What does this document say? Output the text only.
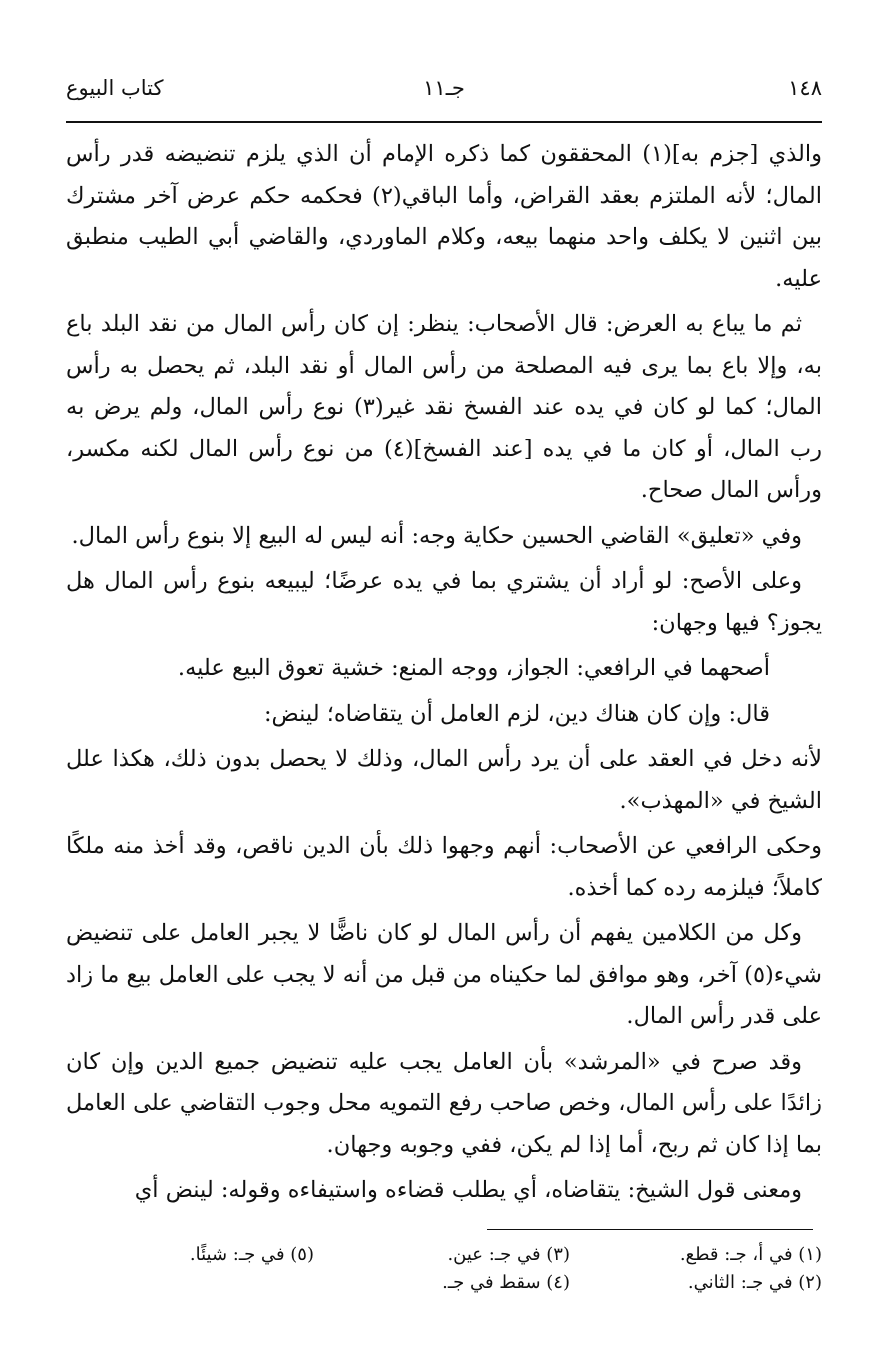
١٤٨
جـ١١
كتاب البيوع

والذي [جزم به](١) المحققون كما ذكره الإمام أن الذي يلزم تنضيضه قدر رأس المال؛ لأنه الملتزم بعقد القراض، وأما الباقي(٢) فحكمه حكم عرض آخر مشترك بين اثنين لا يكلف واحد منهما بيعه، وكلام الماوردي، والقاضي أبي الطيب منطبق عليه.

ثم ما يباع به العرض: قال الأصحاب: ينظر: إن كان رأس المال من نقد البلد باع به، وإلا باع بما يرى فيه المصلحة من رأس المال أو نقد البلد، ثم يحصل به رأس المال؛ كما لو كان في يده عند الفسخ نقد غير(٣) نوع رأس المال، ولم يرض به رب المال، أو كان ما في يده [عند الفسخ](٤) من نوع رأس المال لكنه مكسر، ورأس المال صحاح.

وفي «تعليق» القاضي الحسين حكاية وجه: أنه ليس له البيع إلا بنوع رأس المال.

وعلى الأصح: لو أراد أن يشتري بما في يده عرضًا؛ ليبيعه بنوع رأس المال هل يجوز؟ فيها وجهان:

أصحهما في الرافعي: الجواز، ووجه المنع: خشية تعوق البيع عليه.

قال: وإن كان هناك دين، لزم العامل أن يتقاضاه؛ لينض:

لأنه دخل في العقد على أن يرد رأس المال، وذلك لا يحصل بدون ذلك، هكذا علل الشيخ في «المهذب».

وحكى الرافعي عن الأصحاب: أنهم وجهوا ذلك بأن الدين ناقص، وقد أخذ منه ملكًا كاملاً؛ فيلزمه رده كما أخذه.

وكل من الكلامين يفهم أن رأس المال لو كان ناضًّا لا يجبر العامل على تنضيض شيء(٥) آخر، وهو موافق لما حكيناه من قبل من أنه لا يجب على العامل بيع ما زاد على قدر رأس المال.

وقد صرح في «المرشد» بأن العامل يجب عليه تنضيض جميع الدين وإن كان زائدًا على رأس المال، وخص صاحب رفع التمويه محل وجوب التقاضي على العامل بما إذا كان ثم ربح، أما إذا لم يكن، ففي وجوبه وجهان.

ومعنى قول الشيخ: يتقاضاه، أي يطلب قضاءه واستيفاءه وقوله: لينض أي

(١) في أ، جـ: قطع.
(٢) في جـ: الثاني.
(٣) في جـ: عين.
(٤) سقط في جـ.
(٥) في جـ: شيئًا.
